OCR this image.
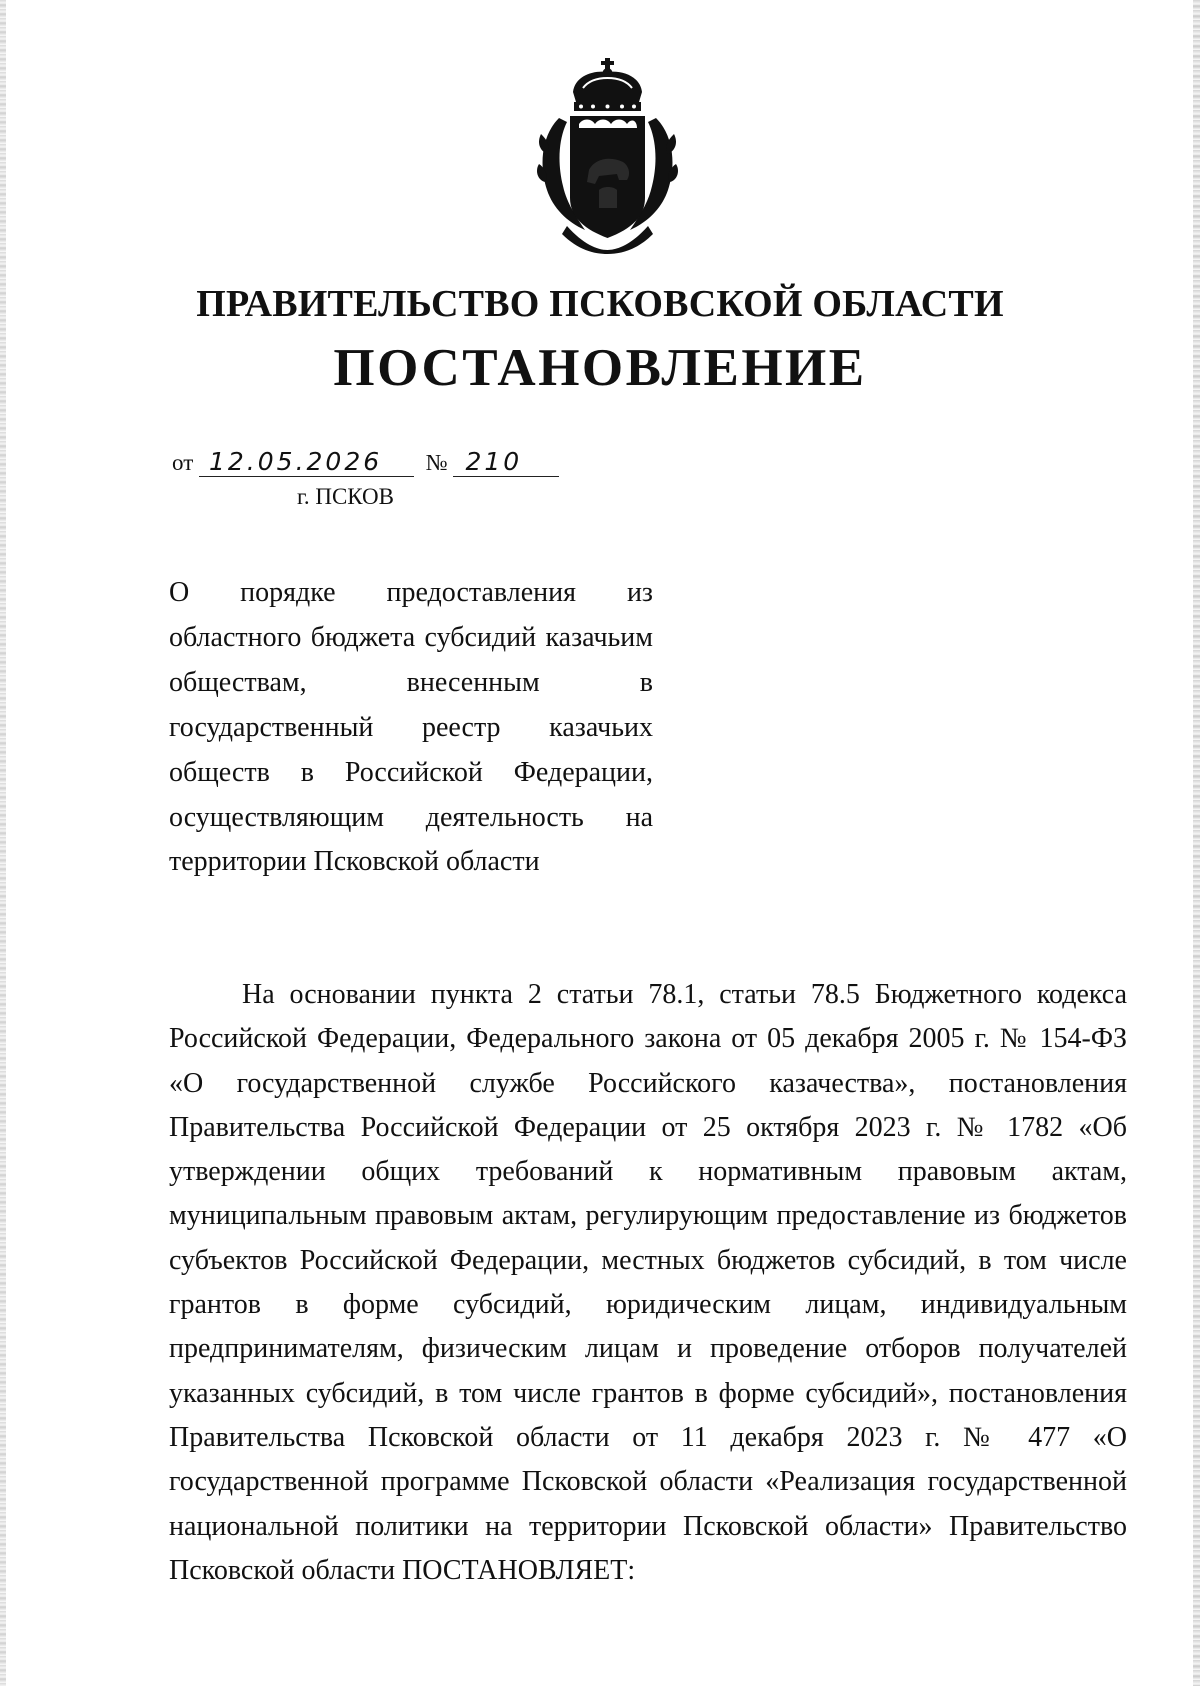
ПРАВИТЕЛЬСТВО ПСКОВСКОЙ ОБЛАСТИ
ПОСТАНОВЛЕНИЕ
от 12.05.2026 № 210
г. ПСКОВ
О порядке предоставления из областного бюджета субсидий казачьим обществам, внесенным в государственный реестр казачьих обществ в Российской Федерации, осуществляющим деятельность на территории Псковской области
На основании пункта 2 статьи 78.1, статьи 78.5 Бюджетного кодекса Российской Федерации, Федерального закона от 05 декабря 2005 г. № 154-ФЗ «О государственной службе Российского казачества», постановления Правительства Российской Федерации от 25 октября 2023 г. № 1782 «Об утверждении общих требований к нормативным правовым актам, муниципальным правовым актам, регулирующим предоставление из бюджетов субъектов Российской Федерации, местных бюджетов субсидий, в том числе грантов в форме субсидий, юридическим лицам, индивидуальным предпринимателям, физическим лицам и проведение отборов получателей указанных субсидий, в том числе грантов в форме субсидий», постановления Правительства Псковской области от 11 декабря 2023 г. № 477 «О государственной программе Псковской области «Реализация государственной национальной политики на территории Псковской области» Правительство Псковской области ПОСТАНОВЛЯЕТ:
